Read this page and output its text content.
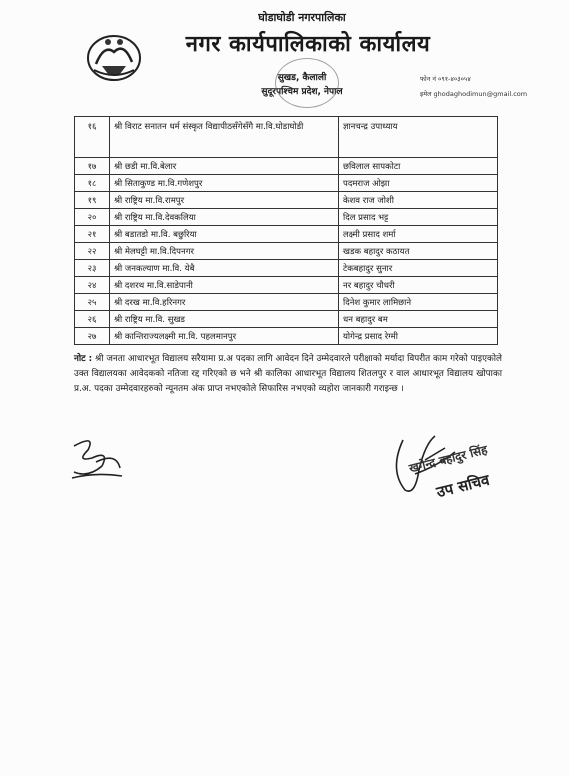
घोडाघोडी नगरपालिका
नगर कार्यपालिकाको कार्यालय
सुखड, कैलाली
सुदूरपश्चिम प्रदेश, नेपाल
फोन नं ०९१-४०३०५४
इमेल ghodaghodimun@gmail.com
१६	श्री विराट सनातन धर्म संस्कृत विद्यापीठसँगेसँगै मा.वि.घोडाघोडी	ज्ञानचन्द्र उपाध्याय
१७	श्री छडी मा.वि.बेलार	छविलाल सापकोटा
१८	श्री सिताकुण्ड मा.वि.गणेशपुर	पदमराज ओझा
१९	श्री राष्ट्रिय मा.वि.रामपुर	केशव राज जोशी
२०	श्री राष्ट्रिय मा.वि.देवकलिया	दिल प्रसाद भट्ट
२१	श्री बडातडो मा.वि. बछुरिया	लक्ष्मी प्रसाद शर्मा
२२	श्री मेलघट्टी मा.वि.दिपनगर	खडक बहादुर कठायत
२३	श्री जनकल्याण मा.वि. येबै	टेकबहादुर सुनार
२४	श्री दशरथ मा.वि.साडेपानी	नर बहादुर चौधरी
२५	श्री दरख मा.वि.हरिनगर	दिनेश कुमार लामिछाने
२६	श्री राष्ट्रिय मा.वि. सुखड	धन बहादुर बम
२७	श्री कान्तिराज्यलक्ष्मी मा.वि. पहलमानपुर	योगेन्द्र प्रसाद रेग्मी
नोट : श्री जनता आधारभूत विद्यालय सरैयामा प्र.अ पदका लागि आवेदन दिने उम्मेदवारले परीक्षाको मर्यादा विपरीत काम गरेको पाइएकोले उक्त विद्यालयका आवेदकको नतिजा रद्द गरिएको छ भने श्री कालिका आधारभूत विद्यालय शितलपुर र वाल आधारभूत विद्यालय खोपाका प्र.अ. पदका उम्मेदवारहरुको न्यूनतम अंक प्राप्त नभएकोले सिफारिस नभएको व्यहोरा जानकारी गराइन्छ ।
खगेन्द्र बहादुर सिंह
उप सचिव
